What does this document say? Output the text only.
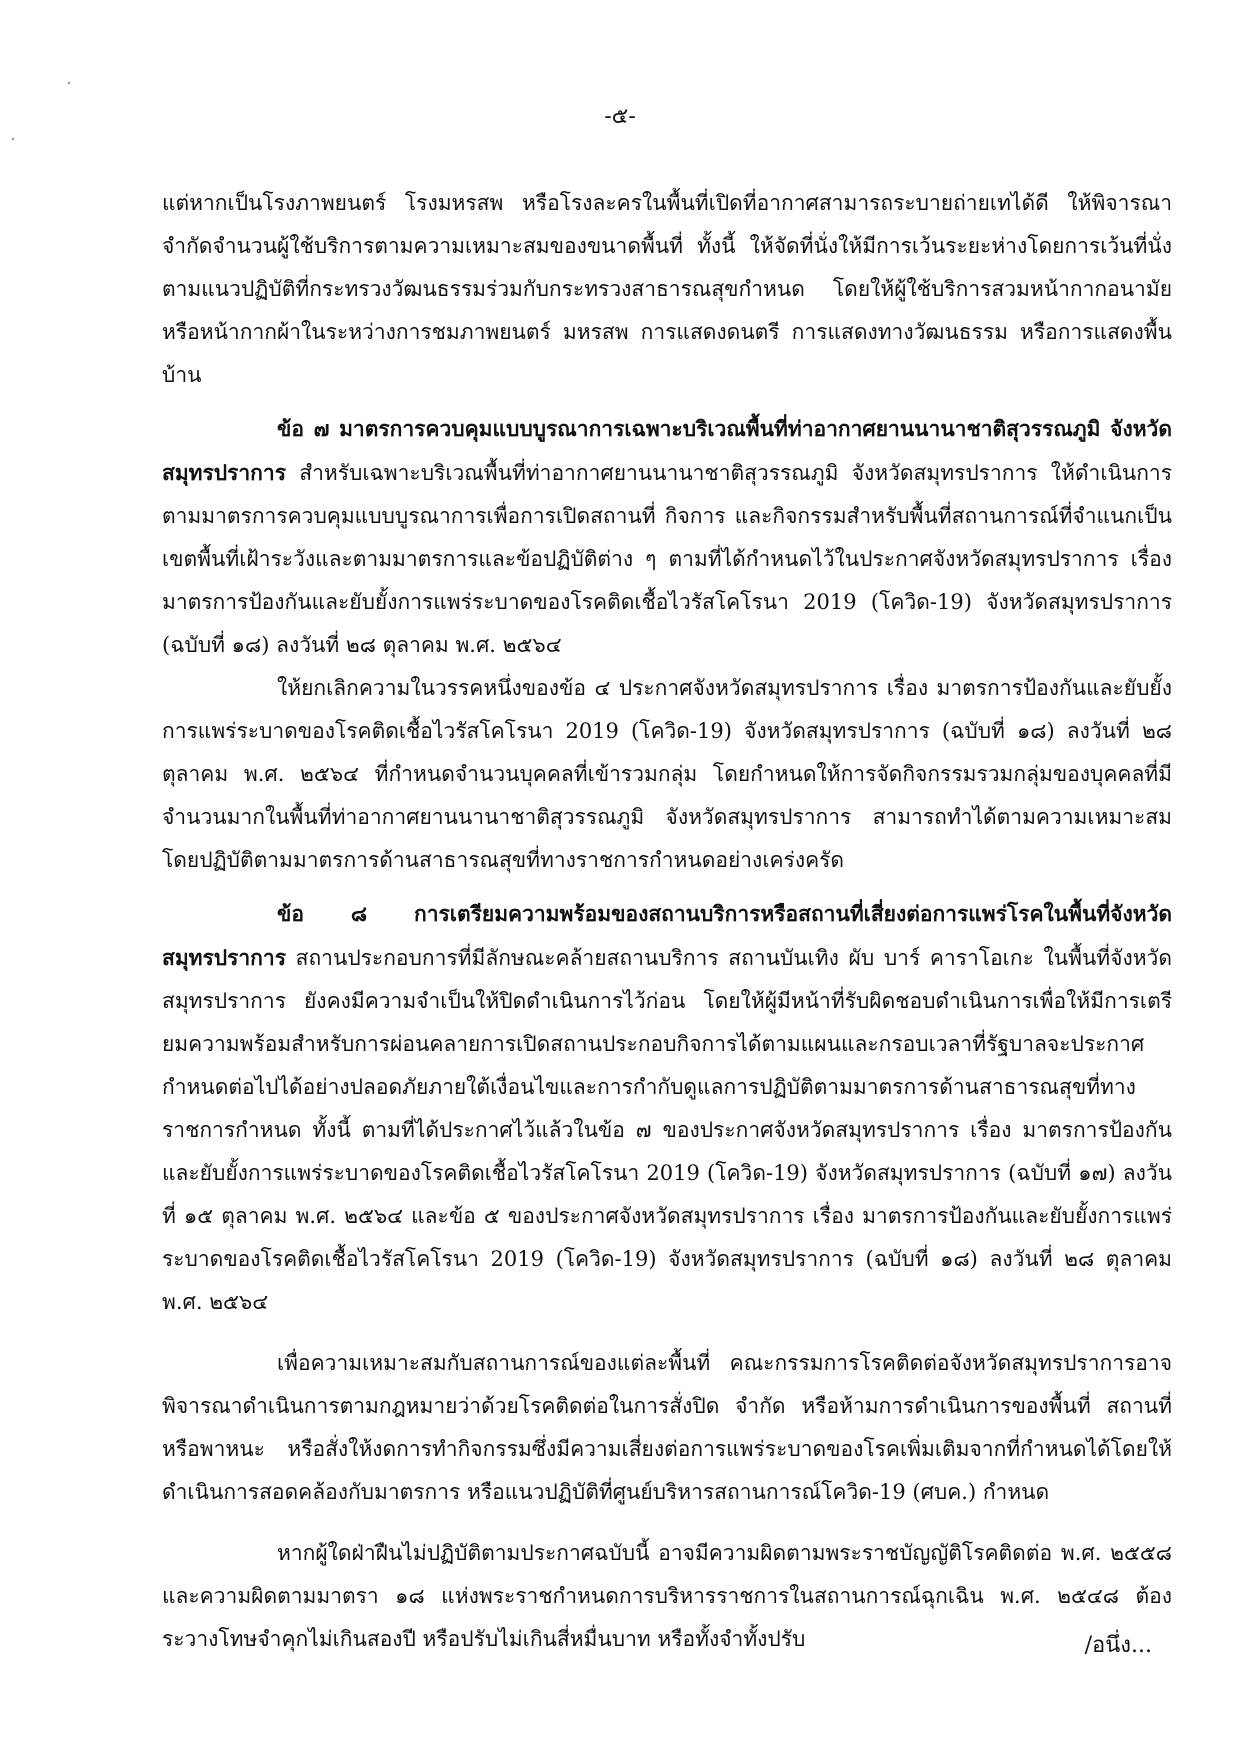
-๕-

แต่หากเป็นโรงภาพยนตร์ โรงมหรสพ หรือโรงละครในพื้นที่เปิดที่อากาศสามารถระบายถ่ายเทได้ดี ให้พิจารณาจำกัดจำนวนผู้ใช้บริการตามความเหมาะสมของขนาดพื้นที่ ทั้งนี้ ให้จัดที่นั่งให้มีการเว้นระยะห่างโดยการเว้นที่นั่งตามแนวปฏิบัติที่กระทรวงวัฒนธรรมร่วมกับกระทรวงสาธารณสุขกำหนด โดยให้ผู้ใช้บริการสวมหน้ากากอนามัยหรือหน้ากากผ้าในระหว่างการชมภาพยนตร์ มหรสพ การแสดงดนตรี การแสดงทางวัฒนธรรม หรือการแสดงพื้นบ้าน

ข้อ ๗ มาตรการควบคุมแบบบูรณาการเฉพาะบริเวณพื้นที่ท่าอากาศยานนานาชาติสุวรรณภูมิ จังหวัดสมุทรปราการ สำหรับเฉพาะบริเวณพื้นที่ท่าอากาศยานนานาชาติสุวรรณภูมิ จังหวัดสมุทรปราการ ให้ดำเนินการตามมาตรการควบคุมแบบบูรณาการเพื่อการเปิดสถานที่ กิจการ และกิจกรรมสำหรับพื้นที่สถานการณ์ที่จำแนกเป็นเขตพื้นที่เฝ้าระวังและตามมาตรการและข้อปฏิบัติต่าง ๆ ตามที่ได้กำหนดไว้ในประกาศจังหวัดสมุทรปราการ เรื่อง มาตรการป้องกันและยับยั้งการแพร่ระบาดของโรคติดเชื้อไวรัสโคโรนา 2019 (โควิด-19) จังหวัดสมุทรปราการ (ฉบับที่ ๑๘) ลงวันที่ ๒๘ ตุลาคม พ.ศ. ๒๕๖๔

ให้ยกเลิกความในวรรคหนึ่งของข้อ ๔ ประกาศจังหวัดสมุทรปราการ เรื่อง มาตรการป้องกันและยับยั้งการแพร่ระบาดของโรคติดเชื้อไวรัสโคโรนา 2019 (โควิด-19) จังหวัดสมุทรปราการ (ฉบับที่ ๑๘) ลงวันที่ ๒๘ ตุลาคม พ.ศ. ๒๕๖๔ ที่กำหนดจำนวนบุคคลที่เข้ารวมกลุ่ม โดยกำหนดให้การจัดกิจกรรมรวมกลุ่มของบุคคลที่มีจำนวนมากในพื้นที่ท่าอากาศยานนานาชาติสุวรรณภูมิ จังหวัดสมุทรปราการ สามารถทำได้ตามความเหมาะสมโดยปฏิบัติตามมาตรการด้านสาธารณสุขที่ทางราชการกำหนดอย่างเคร่งครัด

ข้อ ๘ การเตรียมความพร้อมของสถานบริการหรือสถานที่เสี่ยงต่อการแพร่โรคในพื้นที่จังหวัดสมุทรปราการ สถานประกอบการที่มีลักษณะคล้ายสถานบริการ สถานบันเทิง ผับ บาร์ คาราโอเกะ ในพื้นที่จังหวัดสมุทรปราการ ยังคงมีความจำเป็นให้ปิดดำเนินการไว้ก่อน โดยให้ผู้มีหน้าที่รับผิดชอบดำเนินการเพื่อให้มีการเตรียมความพร้อมสำหรับการผ่อนคลายการเปิดสถานประกอบกิจการได้ตามแผนและกรอบเวลาที่รัฐบาลจะประกาศกำหนดต่อไปได้อย่างปลอดภัยภายใต้เงื่อนไขและการกำกับดูแลการปฏิบัติตามมาตรการด้านสาธารณสุขที่ทางราชการกำหนด ทั้งนี้ ตามที่ได้ประกาศไว้แล้วในข้อ ๗ ของประกาศจังหวัดสมุทรปราการ เรื่อง มาตรการป้องกันและยับยั้งการแพร่ระบาดของโรคติดเชื้อไวรัสโคโรนา 2019 (โควิด-19) จังหวัดสมุทรปราการ (ฉบับที่ ๑๗) ลงวันที่ ๑๕ ตุลาคม พ.ศ. ๒๕๖๔ และข้อ ๕ ของประกาศจังหวัดสมุทรปราการ เรื่อง มาตรการป้องกันและยับยั้งการแพร่ระบาดของโรคติดเชื้อไวรัสโคโรนา 2019 (โควิด-19) จังหวัดสมุทรปราการ (ฉบับที่ ๑๘) ลงวันที่ ๒๘ ตุลาคม พ.ศ. ๒๕๖๔

เพื่อความเหมาะสมกับสถานการณ์ของแต่ละพื้นที่ คณะกรรมการโรคติดต่อจังหวัดสมุทรปราการอาจพิจารณาดำเนินการตามกฎหมายว่าด้วยโรคติดต่อในการสั่งปิด จำกัด หรือห้ามการดำเนินการของพื้นที่ สถานที่หรือพาหนะ หรือสั่งให้งดการทำกิจกรรมซึ่งมีความเสี่ยงต่อการแพร่ระบาดของโรคเพิ่มเติมจากที่กำหนดได้โดยให้ดำเนินการสอดคล้องกับมาตรการ หรือแนวปฏิบัติที่ศูนย์บริหารสถานการณ์โควิด-19 (ศบค.) กำหนด

หากผู้ใดฝ่าฝืนไม่ปฏิบัติตามประกาศฉบับนี้ อาจมีความผิดตามพระราชบัญญัติโรคติดต่อ พ.ศ. ๒๕๕๘ และความผิดตามมาตรา ๑๘ แห่งพระราชกำหนดการบริหารราชการในสถานการณ์ฉุกเฉิน พ.ศ. ๒๕๔๘ ต้องระวางโทษจำคุกไม่เกินสองปี หรือปรับไม่เกินสี่หมื่นบาท หรือทั้งจำทั้งปรับ	/อนึ่ง...
